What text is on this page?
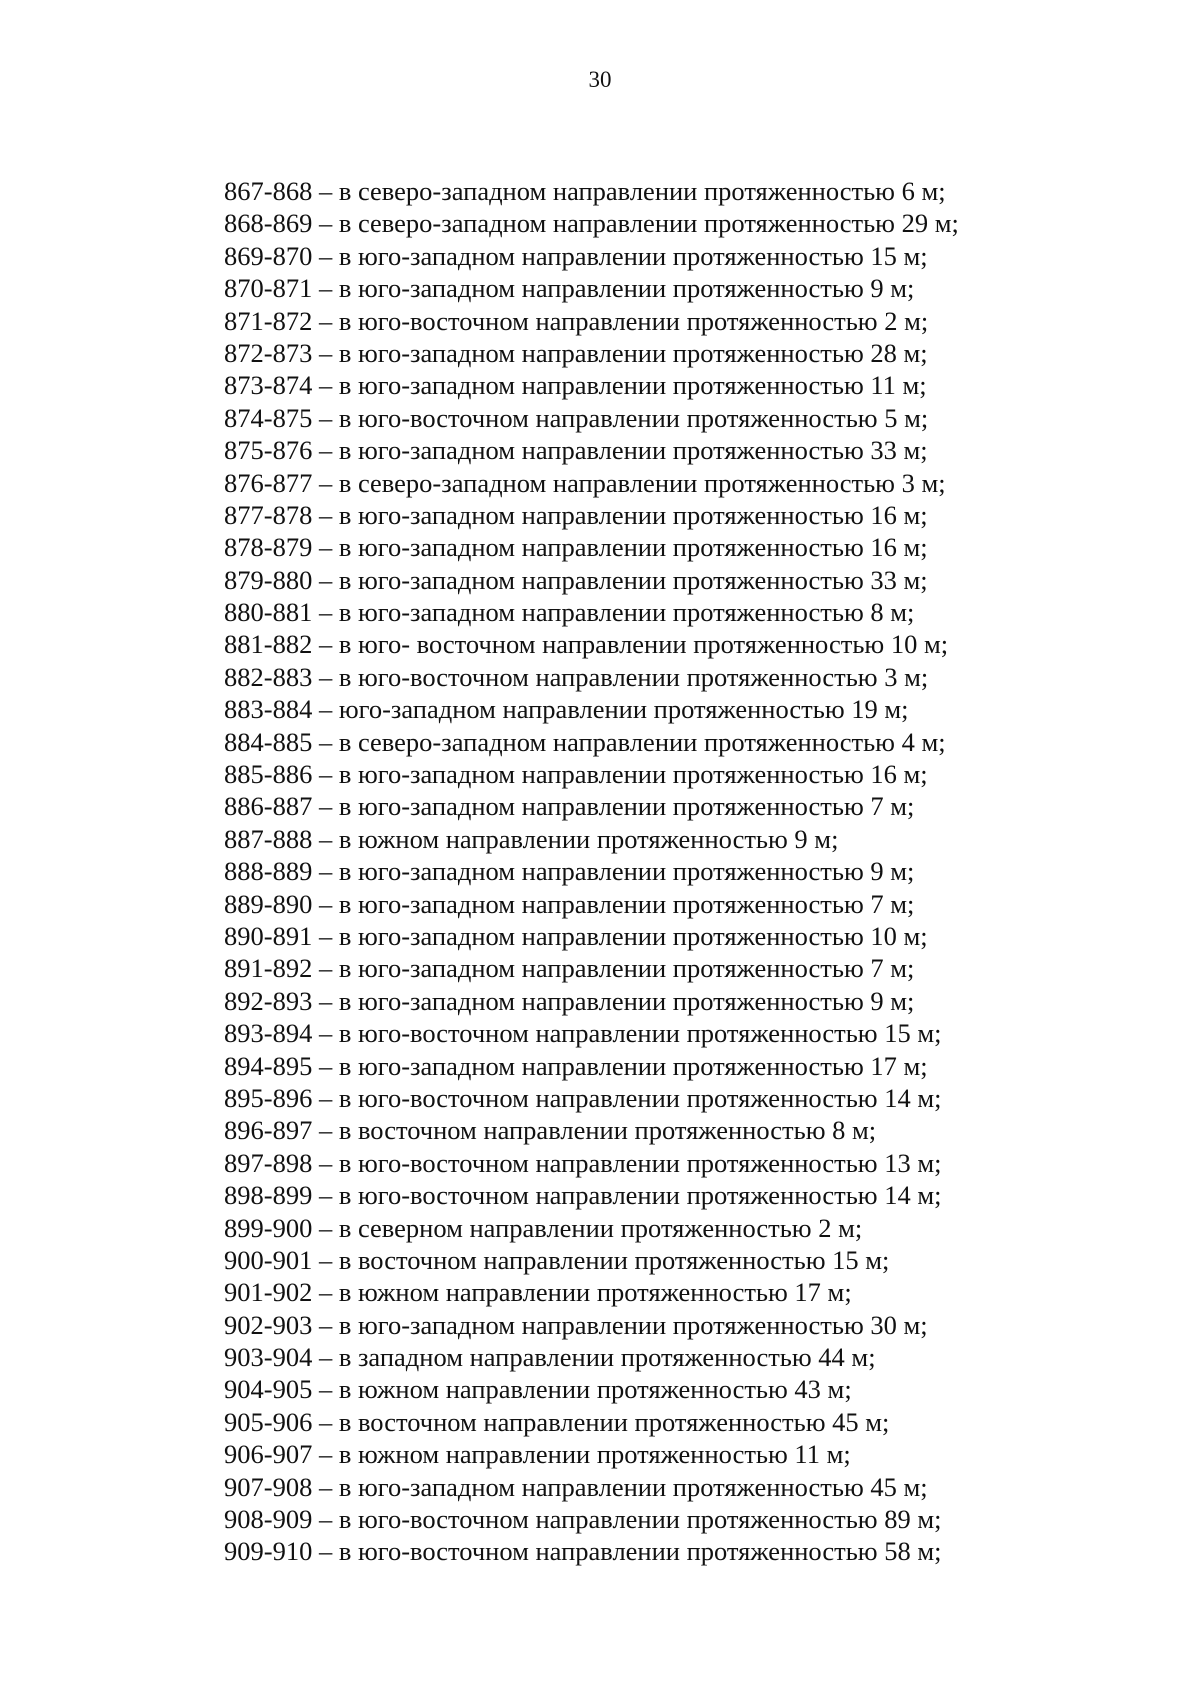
30
867-868 – в северо-западном направлении протяженностью 6 м;
868-869 – в северо-западном направлении протяженностью 29 м;
869-870 – в юго-западном направлении протяженностью 15 м;
870-871 – в юго-западном направлении протяженностью 9 м;
871-872 – в юго-восточном направлении протяженностью 2 м;
872-873 – в юго-западном направлении протяженностью 28 м;
873-874 – в юго-западном направлении протяженностью 11 м;
874-875 – в юго-восточном направлении протяженностью 5 м;
875-876 – в юго-западном направлении протяженностью 33 м;
876-877 – в северо-западном направлении протяженностью 3 м;
877-878 – в юго-западном направлении протяженностью 16 м;
878-879 – в юго-западном направлении протяженностью 16 м;
879-880 – в юго-западном направлении протяженностью 33 м;
880-881 – в юго-западном направлении протяженностью 8 м;
881-882 – в юго- восточном направлении протяженностью 10 м;
882-883 – в юго-восточном направлении протяженностью 3 м;
883-884 – юго-западном направлении протяженностью 19 м;
884-885 – в северо-западном направлении протяженностью 4 м;
885-886 – в юго-западном направлении протяженностью 16 м;
886-887 – в юго-западном направлении протяженностью 7 м;
887-888 – в южном направлении протяженностью 9 м;
888-889 – в юго-западном направлении протяженностью 9 м;
889-890 – в юго-западном направлении протяженностью 7 м;
890-891 – в юго-западном направлении протяженностью 10 м;
891-892 – в юго-западном направлении протяженностью 7 м;
892-893 – в юго-западном направлении протяженностью 9 м;
893-894 – в юго-восточном направлении протяженностью 15 м;
894-895 – в юго-западном направлении протяженностью 17 м;
895-896 – в юго-восточном направлении протяженностью 14 м;
896-897 – в восточном направлении протяженностью 8 м;
897-898 – в юго-восточном направлении протяженностью 13 м;
898-899 – в юго-восточном направлении протяженностью 14 м;
899-900 – в северном направлении протяженностью 2 м;
900-901 – в восточном направлении протяженностью 15 м;
901-902 – в южном направлении протяженностью 17 м;
902-903 – в юго-западном направлении протяженностью 30 м;
903-904 – в западном направлении протяженностью 44 м;
904-905 – в южном направлении протяженностью 43 м;
905-906 – в восточном направлении протяженностью 45 м;
906-907 – в южном направлении протяженностью 11 м;
907-908 – в юго-западном направлении протяженностью 45 м;
908-909 – в юго-восточном направлении протяженностью 89 м;
909-910 – в юго-восточном направлении протяженностью 58 м;
